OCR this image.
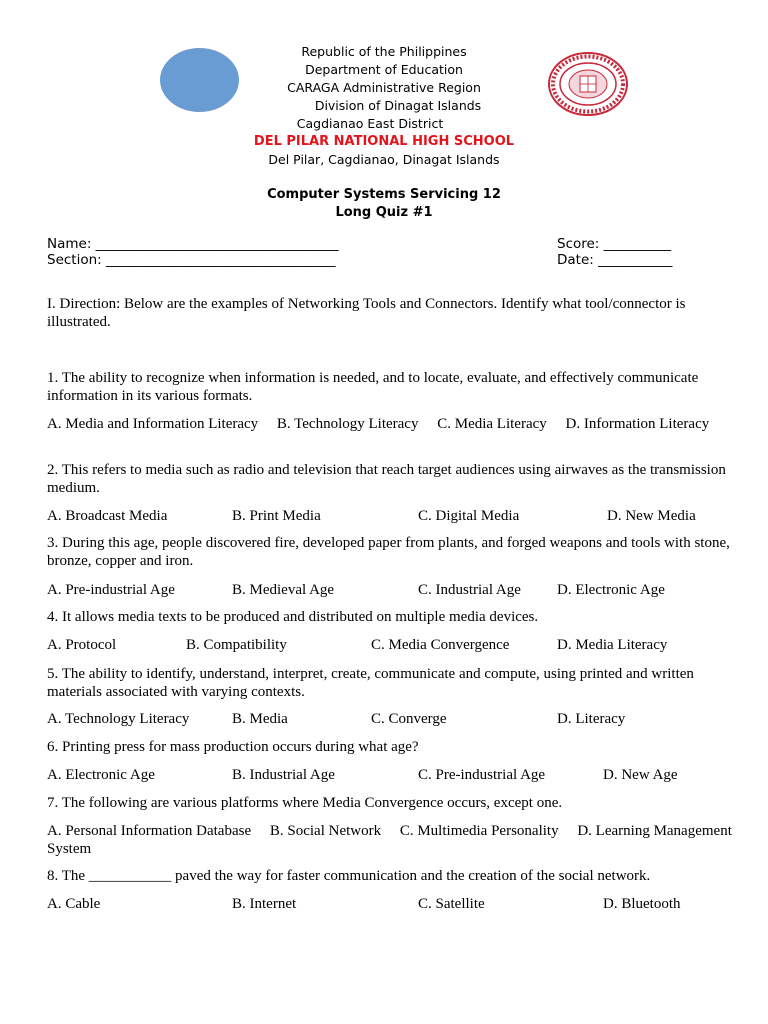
Republic of the Philippines
Department of Education
CARAGA Administrative Region
Division of Dinagat Islands
Cagdianao East District
DEL PILAR NATIONAL HIGH SCHOOL
Del Pilar, Cagdianao, Dinagat Islands
Computer Systems Servicing 12
Long Quiz #1
Name: ____________________________________
Section: __________________________________
Score: __________
Date: ___________
I. Direction: Below are the examples of Networking Tools and Connectors. Identify what tool/connector is illustrated.
1. The ability to recognize when information is needed, and to locate, evaluate, and effectively communicate information in its various formats.
A. Media and Information Literacy B. Technology Literacy C. Media Literacy D. Information Literacy
2. This refers to media such as radio and television that reach target audiences using airwaves as the transmission medium.
A. Broadcast Media	B. Print Media	C. Digital Media	D. New Media
3. During this age, people discovered fire, developed paper from plants, and forged weapons and tools with stone, bronze, copper and iron.
A. Pre-industrial Age	B. Medieval Age	C. Industrial Age D. Electronic Age
4. It allows media texts to be produced and distributed on multiple media devices.
A. Protocol	B. Compatibility	C. Media Convergence	D. Media Literacy
5. The ability to identify, understand, interpret, create, communicate and compute, using printed and written materials associated with varying contexts.
A. Technology Literacy	B. Media	C. Converge	D. Literacy
6. Printing press for mass production occurs during what age?
A. Electronic Age	B. Industrial Age	C. Pre-industrial Age	D. New Age
7. The following are various platforms where Media Convergence occurs, except one.
A. Personal Information Database B. Social Network C. Multimedia Personality D. Learning Management System
8. The ___________ paved the way for faster communication and the creation of the social network.
A. Cable	B. Internet	C. Satellite	D. Bluetooth
